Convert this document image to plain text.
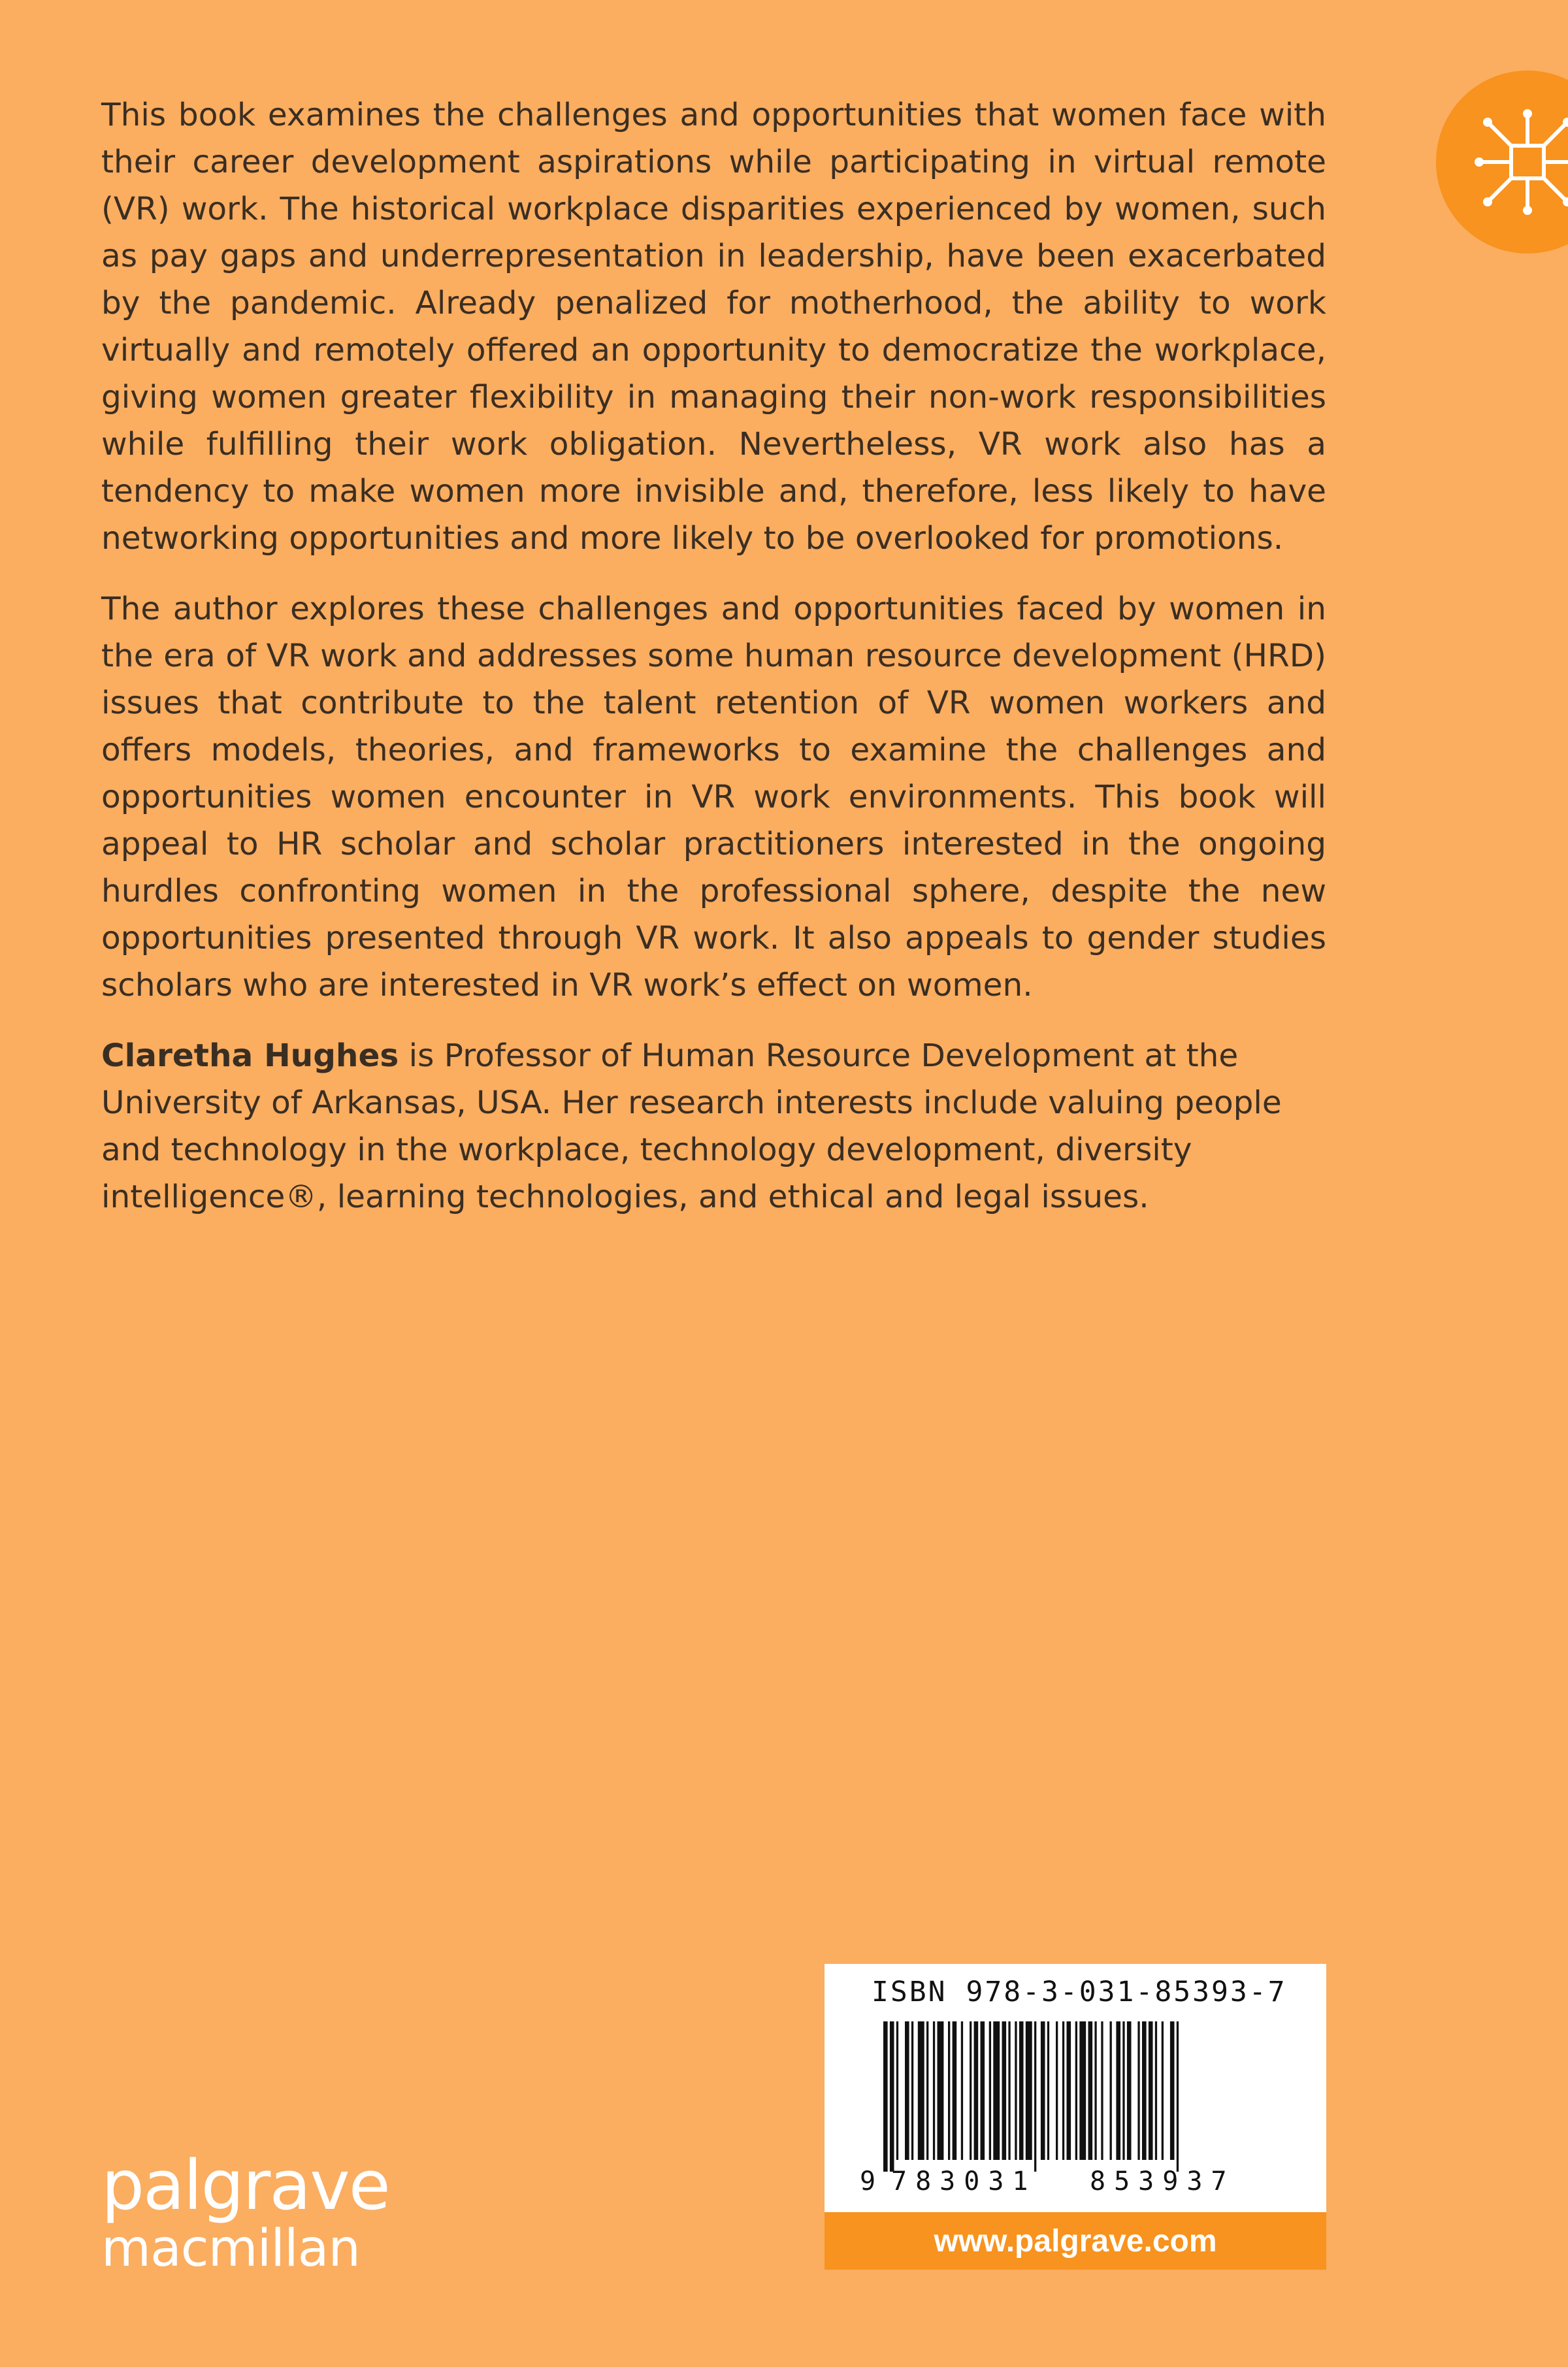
This book examines the challenges and opportunities that women face with their career development aspirations while participating in virtual remote (VR) work. The historical workplace disparities experienced by women, such as pay gaps and underrepresentation in leadership, have been exacerbated by the pandemic. Already penalized for motherhood, the ability to work virtually and remotely offered an opportunity to democratize the workplace, giving women greater flexibility in managing their non-work responsibilities while fulfilling their work obligation. Nevertheless, VR work also has a tendency to make women more invisible and, therefore, less likely to have networking opportunities and more likely to be overlooked for promotions.

The author explores these challenges and opportunities faced by women in the era of VR work and addresses some human resource development (HRD) issues that contribute to the talent retention of VR women workers and offers models, theories, and frameworks to examine the challenges and opportunities women encounter in VR work environments. This book will appeal to HR scholar and scholar practitioners interested in the ongoing hurdles confronting women in the professional sphere, despite the new opportunities presented through VR work. It also appeals to gender studies scholars who are interested in VR work’s effect on women.

Claretha Hughes is Professor of Human Resource Development at the University of Arkansas, USA. Her research interests include valuing people and technology in the workplace, technology development, diversity intelligence®, learning technologies, and ethical and legal issues.

palgrave
macmillan
ISBN 978-3-031-85393-7
9 783031 853937
www.palgrave.com
